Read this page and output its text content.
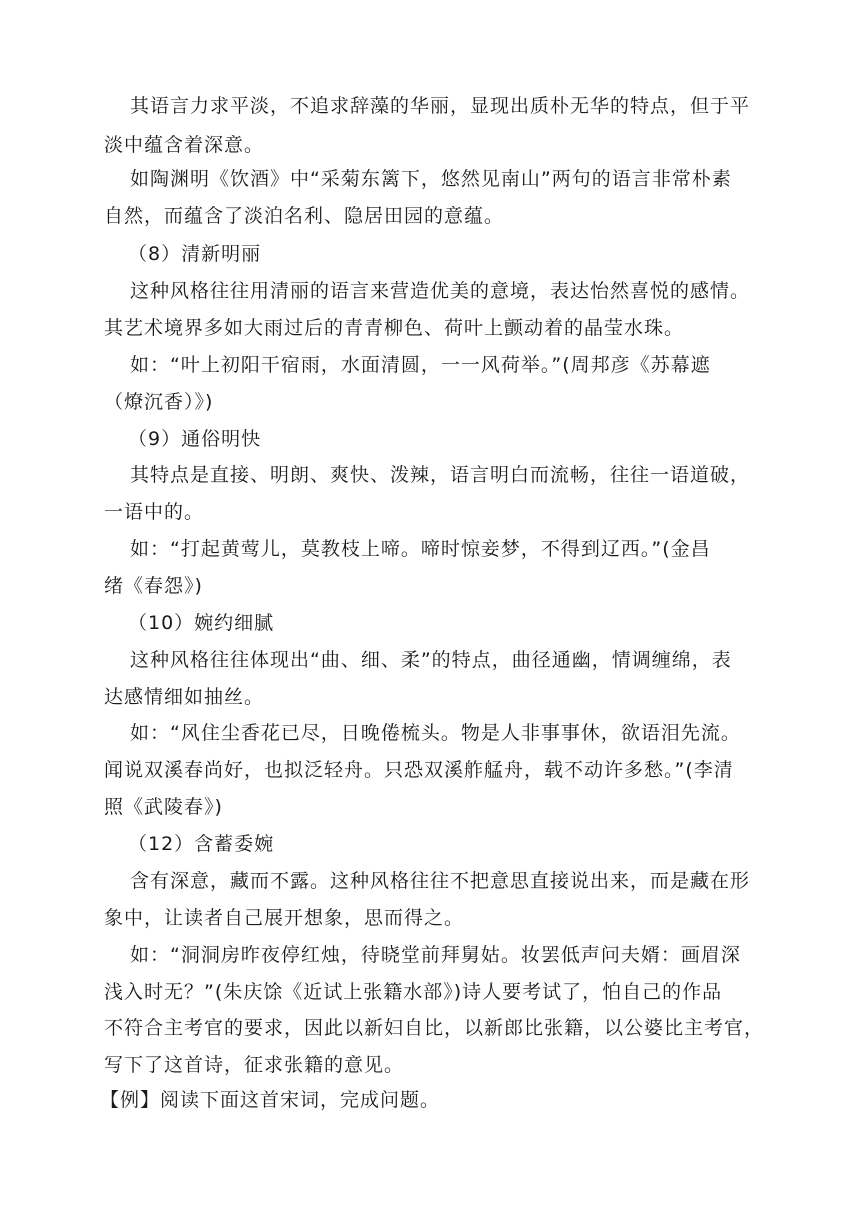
其语言力求平淡，不追求辞藻的华丽，显现出质朴无华的特点，但于平

淡中蕴含着深意。

如陶渊明《饮酒》中“采菊东篱下，悠然见南山”两句的语言非常朴素

自然，而蕴含了淡泊名利、隐居田园的意蕴。

（8）清新明丽

这种风格往往用清丽的语言来营造优美的意境，表达怡然喜悦的感情。

其艺术境界多如大雨过后的青青柳色、荷叶上颤动着的晶莹水珠。

如：“叶上初阳干宿雨，水面清圆，一一风荷举。”(周邦彦《苏幕遮

（燎沉香）》)

（9）通俗明快

其特点是直接、明朗、爽快、泼辣，语言明白而流畅，往往一语道破，

一语中的。

如：“打起黄莺儿，莫教枝上啼。啼时惊妾梦，不得到辽西。”(金昌

绪《春怨》)

（10）婉约细腻

这种风格往往体现出“曲、细、柔”的特点，曲径通幽，情调缠绵，表

达感情细如抽丝。

如：“风住尘香花已尽，日晚倦梳头。物是人非事事休，欲语泪先流。

闻说双溪春尚好，也拟泛轻舟。只恐双溪舴艋舟，载不动许多愁。”(李清

照《武陵春》)

（12）含蓄委婉

含有深意，藏而不露。这种风格往往不把意思直接说出来，而是藏在形

象中，让读者自己展开想象，思而得之。

如：“洞洞房昨夜停红烛，待晓堂前拜舅姑。妆罢低声问夫婿：画眉深

浅入时无？”(朱庆馀《近试上张籍水部》)诗人要考试了，怕自己的作品

不符合主考官的要求，因此以新妇自比，以新郎比张籍，以公婆比主考官，

写下了这首诗，征求张籍的意见。

【例】阅读下面这首宋词，完成问题。
